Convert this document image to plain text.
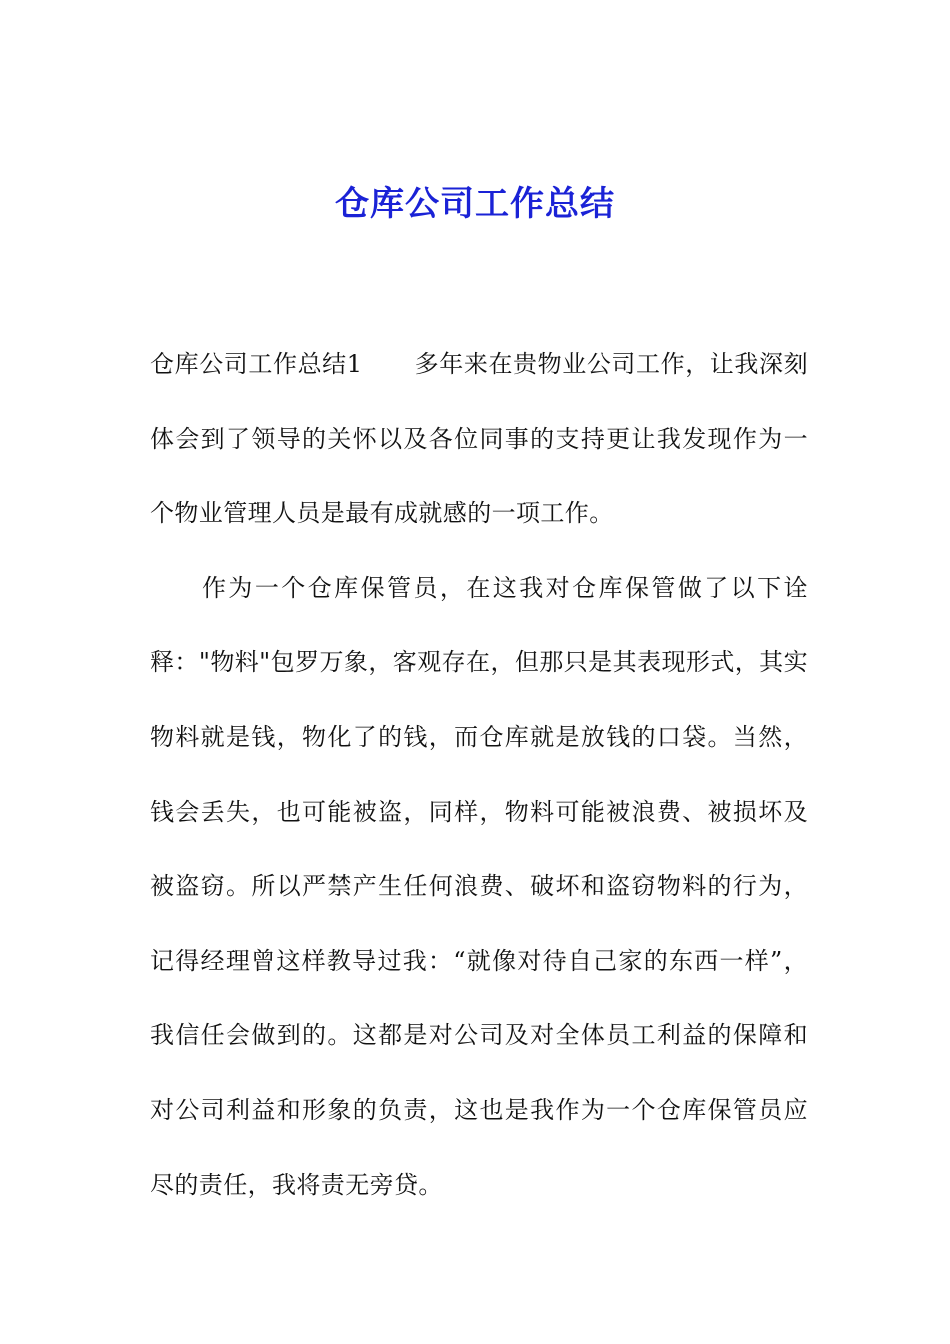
仓库公司工作总结

仓库公司工作总结1 多年来在贵物业公司工作，让我深刻体会到了领导的关怀以及各位同事的支持更让我发现作为一个物业管理人员是最有成就感的一项工作。

作为一个仓库保管员，在这我对仓库保管做了以下诠释："物料"包罗万象，客观存在，但那只是其表现形式，其实物料就是钱，物化了的钱，而仓库就是放钱的口袋。当然，钱会丢失，也可能被盗，同样，物料可能被浪费、被损坏及被盗窃。所以严禁产生任何浪费、破坏和盗窃物料的行为，记得经理曾这样教导过我：“就像对待自己家的东西一样”，我信任会做到的。这都是对公司及对全体员工利益的保障和对公司利益和形象的负责，这也是我作为一个仓库保管员应尽的责任，我将责无旁贷。
